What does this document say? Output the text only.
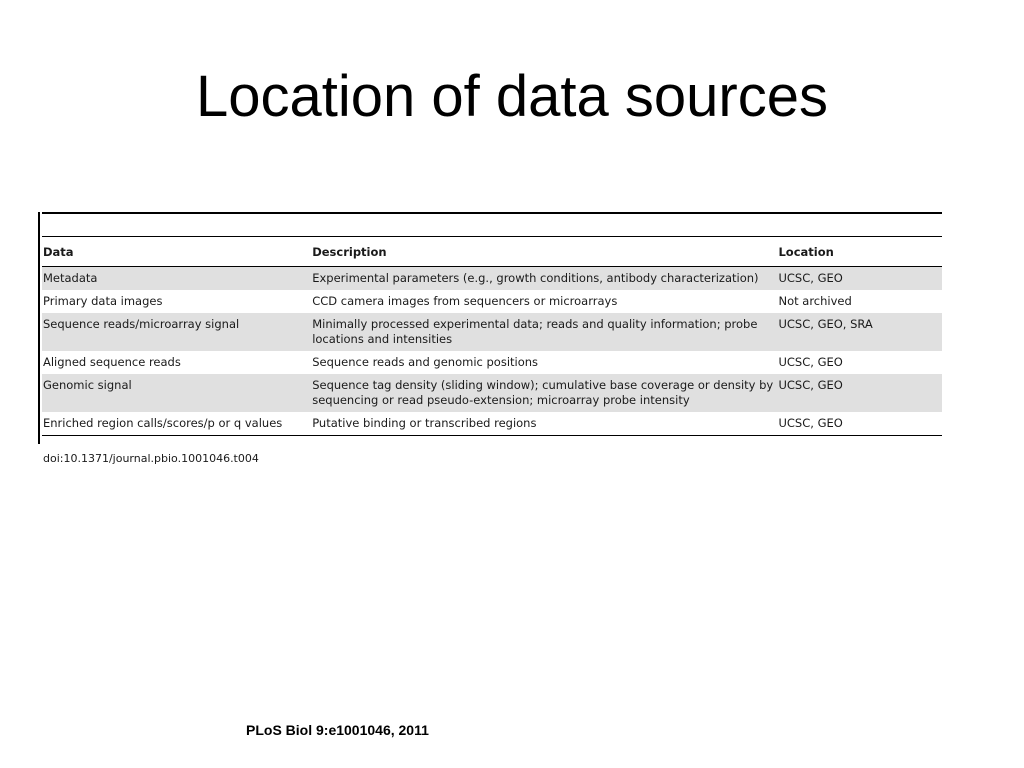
Location of data sources
Data	Description	Location
Metadata	Experimental parameters (e.g., growth conditions, antibody characterization)	UCSC, GEO
Primary data images	CCD camera images from sequencers or microarrays	Not archived
Sequence reads/microarray signal	Minimally processed experimental data; reads and quality information; probe locations and intensities	UCSC, GEO, SRA
Aligned sequence reads	Sequence reads and genomic positions	UCSC, GEO
Genomic signal	Sequence tag density (sliding window); cumulative base coverage or density by sequencing or read pseudo-extension; microarray probe intensity	UCSC, GEO
Enriched region calls/scores/p or q values	Putative binding or transcribed regions	UCSC, GEO
doi:10.1371/journal.pbio.1001046.t004
PLoS Biol 9:e1001046, 2011
